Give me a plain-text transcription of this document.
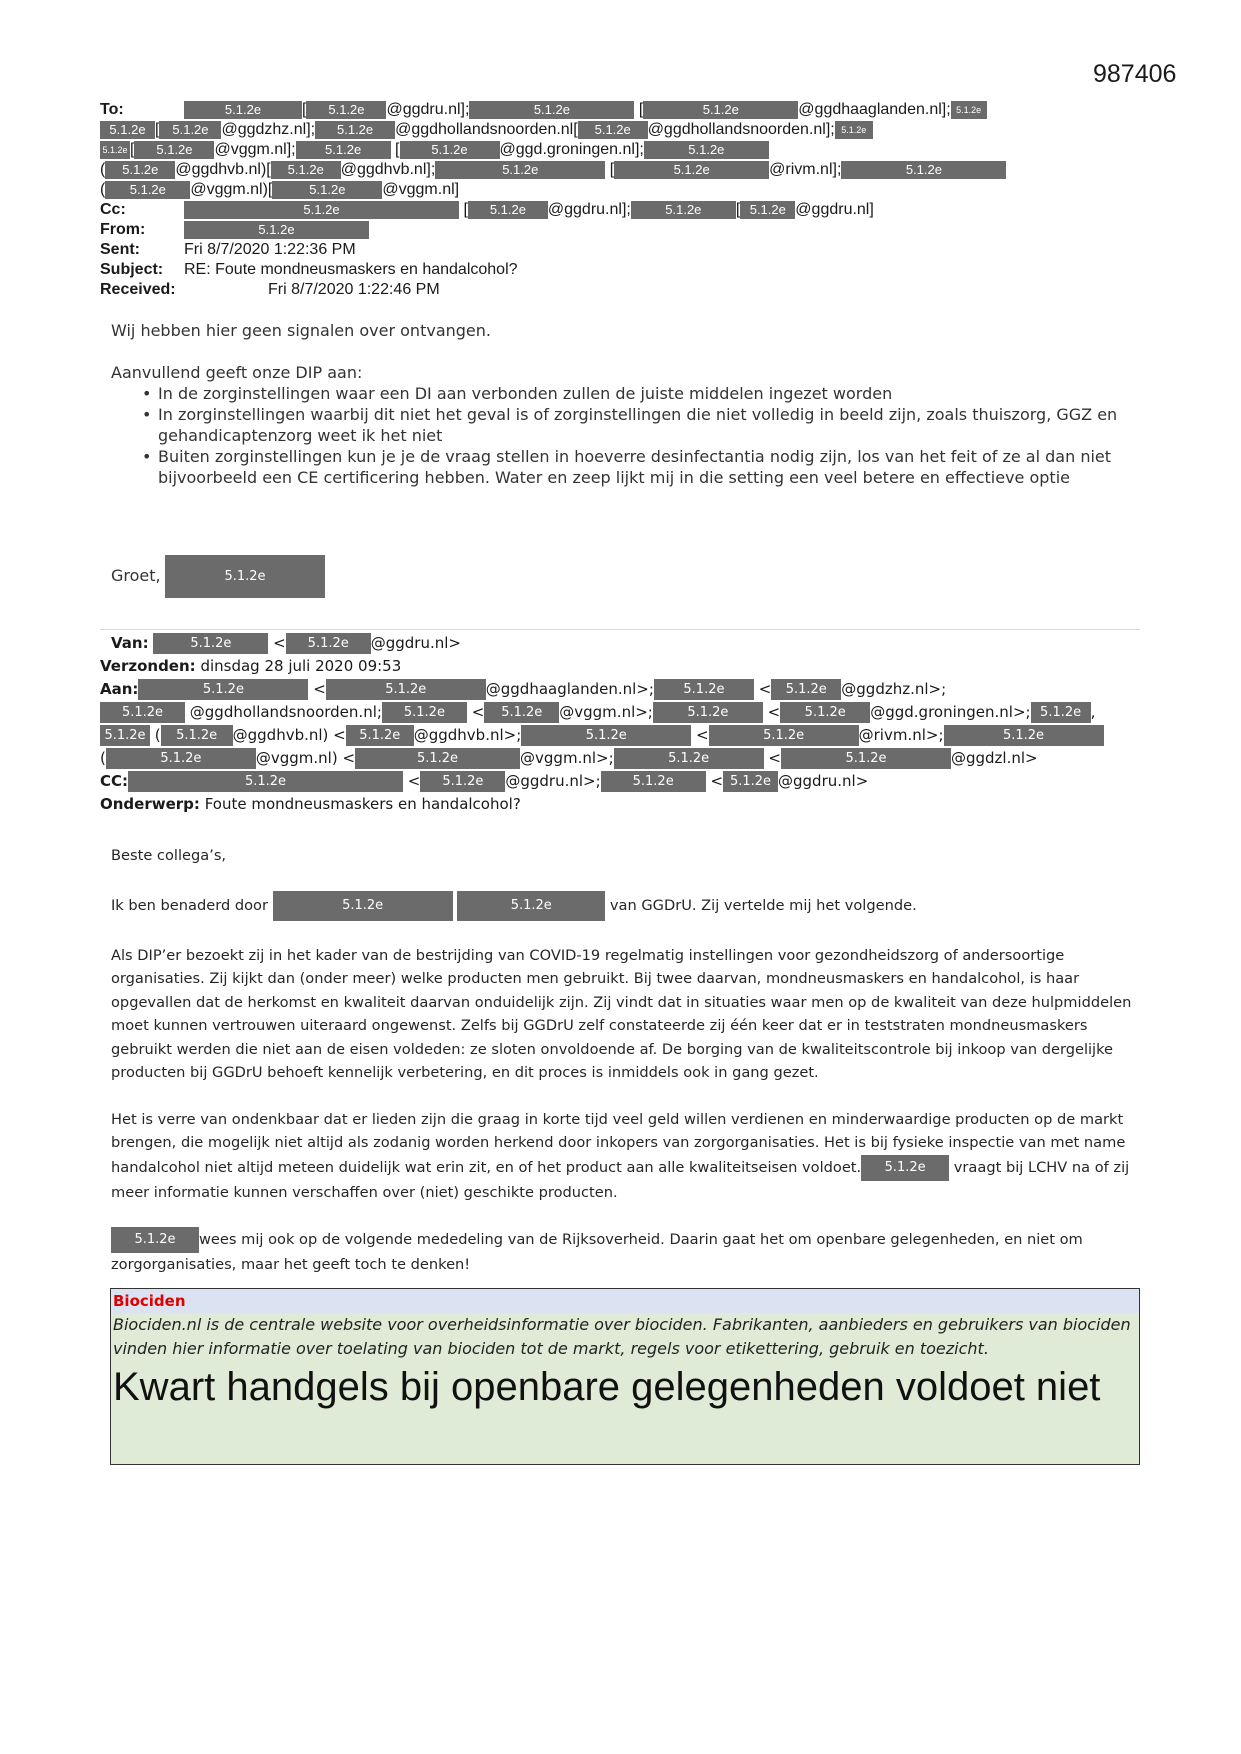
987406
To:	5.1.2e	[ 5.1.2e @ggdru.nl];	5.1.2e	[	5.1.2e	@ggdhaaglanden.nl]; 5.1.2e
5.1.2e [ 5.1.2e @ggdzhz.nl]; 5.1.2e @ggdhollandsnoorden.nl[ 5.1.2e @ggdhollandsnoorden.nl]; 5.1.2e
5.1.2e [ 5.1.2e @vggm.nl]; 5.1.2e [ 5.1.2e @ggd.groningen.nl];	5.1.2e
( 5.1.2e @ggdhvb.nl)[ 5.1.2e @ggdhvb.nl];	5.1.2e	[	5.1.2e	@rivm.nl];	5.1.2e
( 5.1.2e @vggm.nl)[	5.1.2e @vggm.nl]
Cc:	5.1.2e	[ 5.1.2e @ggdru.nl];	5.1.2e [ 5.1.2e @ggdru.nl]
From:	5.1.2e
Sent:	Fri 8/7/2020 1:22:36 PM
Subject: RE: Foute mondneusmaskers en handalcohol?
Received:	Fri 8/7/2020 1:22:46 PM

Wij hebben hier geen signalen over ontvangen.

Aanvullend geeft onze DIP aan:
• In de zorginstellingen waar een DI aan verbonden zullen de juiste middelen ingezet worden
• In zorginstellingen waarbij dit niet het geval is of zorginstellingen die niet volledig in beeld zijn, zoals thuiszorg, GGZ en gehandicaptenzorg weet ik het niet
• Buiten zorginstellingen kun je je de vraag stellen in hoeverre desinfectantia nodig zijn, los van het feit of ze al dan niet bijvoorbeeld een CE certificering hebben. Water en zeep lijkt mij in die setting een veel betere en effectieve optie
Groet,	5.1.2e
Van:	5.1.2e < 5.1.2e @ggdru.nl>
Verzonden: dinsdag 28 juli 2020 09:53
Aan:	5.1.2e	<	5.1.2e	@ggdhaaglanden.nl>; 5.1.2e < 5.1.2e @ggdzhz.nl>;
5.1.2e @ggdhollandsnoorden.nl; 5.1.2e < 5.1.2e @vggm.nl>;	5.1.2e < 5.1.2e @ggd.groningen.nl>; 5.1.2e ,
5.1.2e ( 5.1.2e @ggdhvb.nl) < 5.1.2e @ggdhvb.nl>;	5.1.2e	<	5.1.2e	@rivm.nl>;	5.1.2e
(	5.1.2e	@vggm.nl) <	5.1.2e	@vggm.nl>;	5.1.2e	<	5.1.2e	@ggdzl.nl>
CC:	5.1.2e	< 5.1.2e @ggdru.nl>; 5.1.2e < 5.1.2e @ggdru.nl>
Onderwerp: Foute mondneusmaskers en handalcohol?

Beste collega’s,

Ik ben benaderd door	5.1.2e	5.1.2e	van GGDrU. Zij vertelde mij het volgende.

Als DIP’er bezoekt zij in het kader van de bestrijding van COVID-19 regelmatig instellingen voor gezondheidszorg of andersoortige organisaties. Zij kijkt dan (onder meer) welke producten men gebruikt. Bij twee daarvan, mondneusmaskers en handalcohol, is haar opgevallen dat de herkomst en kwaliteit daarvan onduidelijk zijn. Zij vindt dat in situaties waar men op de kwaliteit van deze hulpmiddelen moet kunnen vertrouwen uiteraard ongewenst. Zelfs bij GGDrU zelf constateerde zij één keer dat er in teststraten mondneusmaskers gebruikt werden die niet aan de eisen voldeden: ze sloten onvoldoende af. De borging van de kwaliteitscontrole bij inkoop van dergelijke producten bij GGDrU behoeft kennelijk verbetering, en dit proces is inmiddels ook in gang gezet.

Het is verre van ondenkbaar dat er lieden zijn die graag in korte tijd veel geld willen verdienen en minderwaardige producten op de markt brengen, die mogelijk niet altijd als zodanig worden herkend door inkopers van zorgorganisaties. Het is bij fysieke inspectie van met name handalcohol niet altijd meteen duidelijk wat erin zit, en of het product aan alle kwaliteitseisen voldoet. 5.1.2e vraagt bij LCHV na of zij meer informatie kunnen verschaffen over (niet) geschikte producten.

5.1.2e wees mij ook op de volgende mededeling van de Rijksoverheid. Daarin gaat het om openbare gelegenheden, en niet om zorgorganisaties, maar het geeft toch te denken!

Biociden
Biociden.nl is de centrale website voor overheidsinformatie over biociden. Fabrikanten, aanbieders en gebruikers van biociden vinden hier informatie over toelating van biociden tot de markt, regels voor etikettering, gebruik en toezicht.
Kwart handgels bij openbare gelegenheden voldoet niet
